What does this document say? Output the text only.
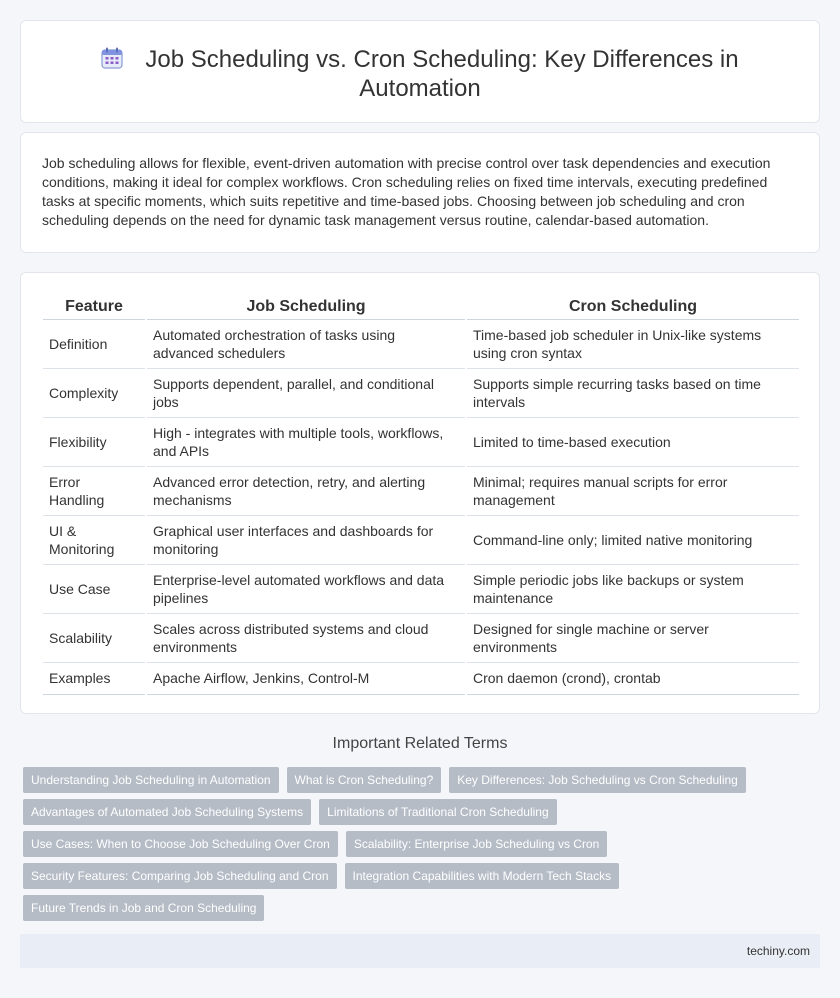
Job Scheduling vs. Cron Scheduling: Key Differences in
Automation

Job scheduling allows for flexible, event-driven automation with precise control over task dependencies and execution conditions, making it ideal for complex workflows. Cron scheduling relies on fixed time intervals, executing predefined tasks at specific moments, which suits repetitive and time-based jobs. Choosing between job scheduling and cron scheduling depends on the need for dynamic task management versus routine, calendar-based automation.

Feature	Job Scheduling	Cron Scheduling
Definition	Automated orchestration of tasks using advanced schedulers	Time-based job scheduler in Unix-like systems using cron syntax
Complexity	Supports dependent, parallel, and conditional jobs	Supports simple recurring tasks based on time intervals
Flexibility	High - integrates with multiple tools, workflows, and APIs	Limited to time-based execution
Error Handling	Advanced error detection, retry, and alerting mechanisms	Minimal; requires manual scripts for error management
UI & Monitoring	Graphical user interfaces and dashboards for monitoring	Command-line only; limited native monitoring
Use Case	Enterprise-level automated workflows and data pipelines	Simple periodic jobs like backups or system maintenance
Scalability	Scales across distributed systems and cloud environments	Designed for single machine or server environments
Examples	Apache Airflow, Jenkins, Control-M	Cron daemon (crond), crontab
Important Related Terms
Understanding Job Scheduling in Automation	What is Cron Scheduling?	Key Differences: Job Scheduling vs Cron Scheduling
Advantages of Automated Job Scheduling Systems	Limitations of Traditional Cron Scheduling
Use Cases: When to Choose Job Scheduling Over Cron	Scalability: Enterprise Job Scheduling vs Cron
Security Features: Comparing Job Scheduling and Cron	Integration Capabilities with Modern Tech Stacks
Future Trends in Job and Cron Scheduling
techiny.com
